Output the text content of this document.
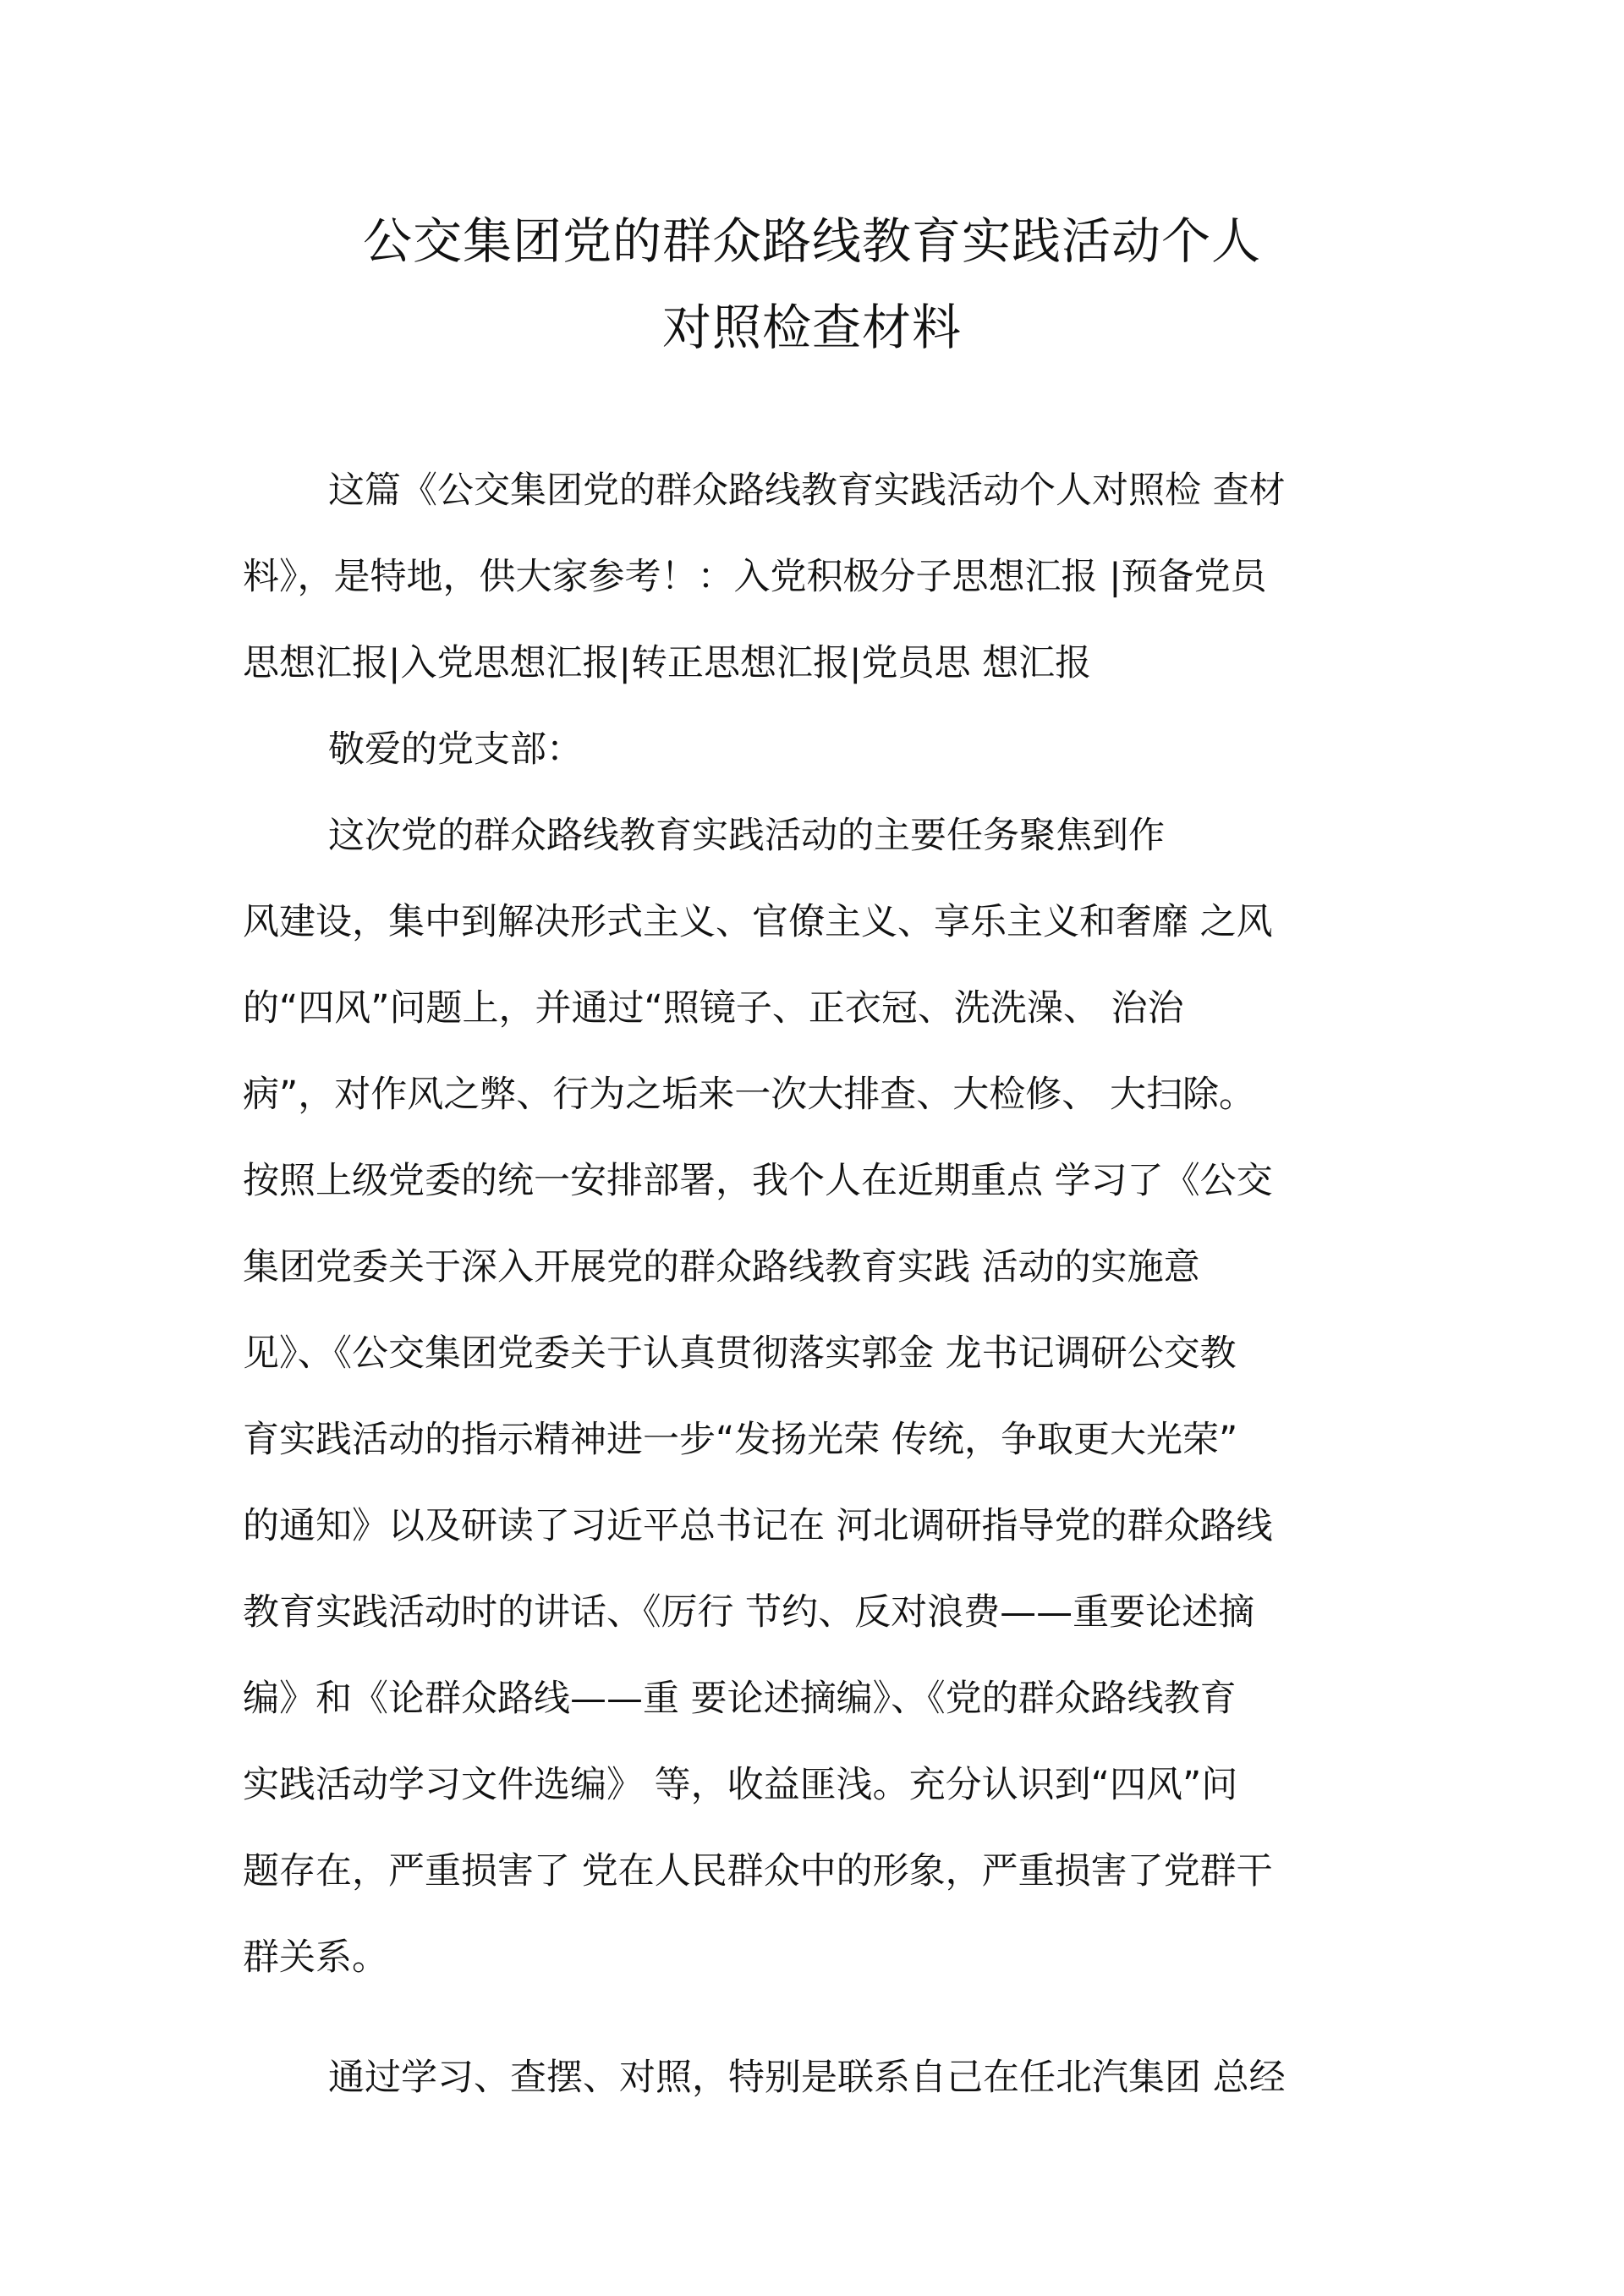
公交集团党的群众路线教育实践活动个人
对照检查材料
这篇《公交集团党的群众路线教育实践活动个人对照检 查材
料》，是特地，供大家参考！：入党积极分子思想汇报 |预备党员
思想汇报|入党思想汇报|转正思想汇报|党员思 想汇报
敬爱的党支部：
这次党的群众路线教育实践活动的主要任务聚焦到作
风建设，集中到解决形式主义、官僚主义、享乐主义和奢靡 之风
的“四风”问题上，并通过“照镜子、正衣冠、洗洗澡、 治治
病”，对作风之弊、行为之垢来一次大排查、大检修、 大扫除。
按照上级党委的统一安排部署，我个人在近期重点 学习了《公交
集团党委关于深入开展党的群众路线教育实践 活动的实施意
见》、《公交集团党委关于认真贯彻落实郭金 龙书记调研公交教
育实践活动的指示精神进一步“发扬光荣 传统，争取更大光荣”
的通知》以及研读了习近平总书记在 河北调研指导党的群众路线
教育实践活动时的讲话、《厉行 节约、反对浪费——重要论述摘
编》和《论群众路线——重 要论述摘编》、《党的群众路线教育
实践活动学习文件选编》 等，收益匪浅。充分认识到“四风”问
题存在，严重损害了 党在人民群众中的形象，严重损害了党群干
群关系。
通过学习、查摆、对照，特别是联系自己在任北汽集团 总经
